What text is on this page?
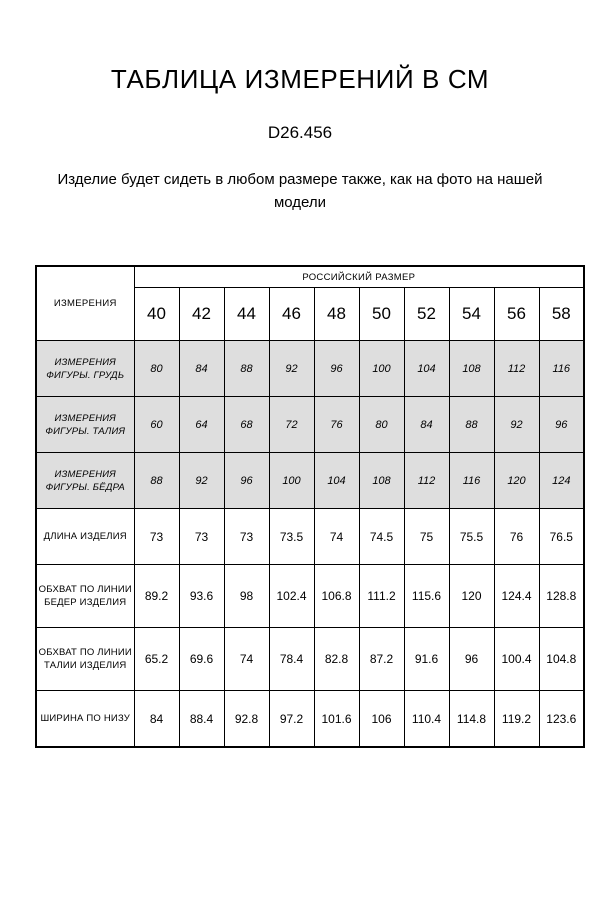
ТАБЛИЦА ИЗМЕРЕНИЙ В СМ

D26.456

Изделие будет сидеть в любом размере также, как на фото на нашей модели

ИЗМЕРЕНИЯ	РОССИЙСКИЙ РАЗМЕР									
	40	42	44	46	48	50	52	54	56	58
ИЗМЕРЕНИЯ ФИГУРЫ. ГРУДЬ	80	84	88	92	96	100	104	108	112	116
ИЗМЕРЕНИЯ ФИГУРЫ. ТАЛИЯ	60	64	68	72	76	80	84	88	92	96
ИЗМЕРЕНИЯ ФИГУРЫ. БЁДРА	88	92	96	100	104	108	112	116	120	124
ДЛИНА ИЗДЕЛИЯ	73	73	73	73.5	74	74.5	75	75.5	76	76.5
ОБХВАТ ПО ЛИНИИ БЕДЕР ИЗДЕЛИЯ	89.2	93.6	98	102.4	106.8	111.2	115.6	120	124.4	128.8
ОБХВАТ ПО ЛИНИИ ТАЛИИ ИЗДЕЛИЯ	65.2	69.6	74	78.4	82.8	87.2	91.6	96	100.4	104.8
ШИРИНА ПО НИЗУ	84	88.4	92.8	97.2	101.6	106	110.4	114.8	119.2	123.6
